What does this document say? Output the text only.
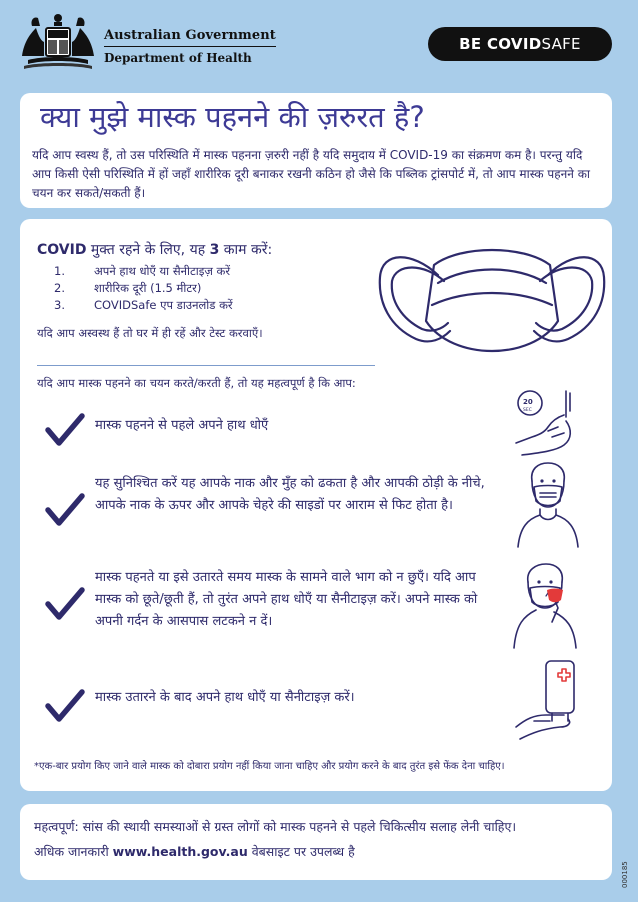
Australian Government
Department of Health
BE COVIDSAFE
क्या मुझे मास्क पहनने की ज़रुरत है?
यदि आप स्वस्थ हैं, तो उस परिस्थिति में मास्क पहनना ज़रुरी नहीं है यदि समुदाय में COVID-19 का संक्रमण कम है। परन्तु यदि आप किसी ऐसी परिस्थिति में हों जहाँ शारीरिक दूरी बनाकर रखनी कठिन हो जैसे कि पब्लिक ट्रांसपोर्ट में, तो आप मास्क पहनने का चयन कर सकते/सकती हैं।
COVID मुक्त रहने के लिए, यह 3 काम करें:
1.	अपने हाथ धोएँ या सैनीटाइज़ करें
2.	शारीरिक दूरी (1.5 मीटर)
3.	COVIDSafe एप डाउनलोड करें
यदि आप अस्वस्थ हैं तो घर में ही रहें और टेस्ट करवाएँ।
यदि आप मास्क पहनने का चयन करते/करती हैं, तो यह महत्वपूर्ण है कि आप:
मास्क पहनने से पहले अपने हाथ धोएँ
20
SEC
यह सुनिश्चित करें यह आपके नाक और मुँह को ढकता है और आपकी ठोड़ी के नीचे, आपके नाक के ऊपर और आपके चेहरे की साइडों पर आराम से फिट होता है।
मास्क पहनते या इसे उतारते समय मास्क के सामने वाले भाग को न छुएँ। यदि आप मास्क को छूते/छूती हैं, तो तुरंत अपने हाथ धोएँ या सैनीटाइज़ करें। अपने मास्क को अपनी गर्दन के आसपास लटकने न दें।
मास्क उतारने के बाद अपने हाथ धोएँ या सैनीटाइज़ करें।
*एक-बार प्रयोग किए जाने वाले मास्क को दोबारा प्रयोग नहीं किया जाना चाहिए और प्रयोग करने के बाद तुरंत इसे फेंक देना चाहिए।
महत्वपूर्ण: सांस की स्थायी समस्याओं से ग्रस्त लोगों को मास्क पहनने से पहले चिकित्सीय सलाह लेनी चाहिए।
अधिक जानकारी www.health.gov.au वेबसाइट पर उपलब्ध है
000185
